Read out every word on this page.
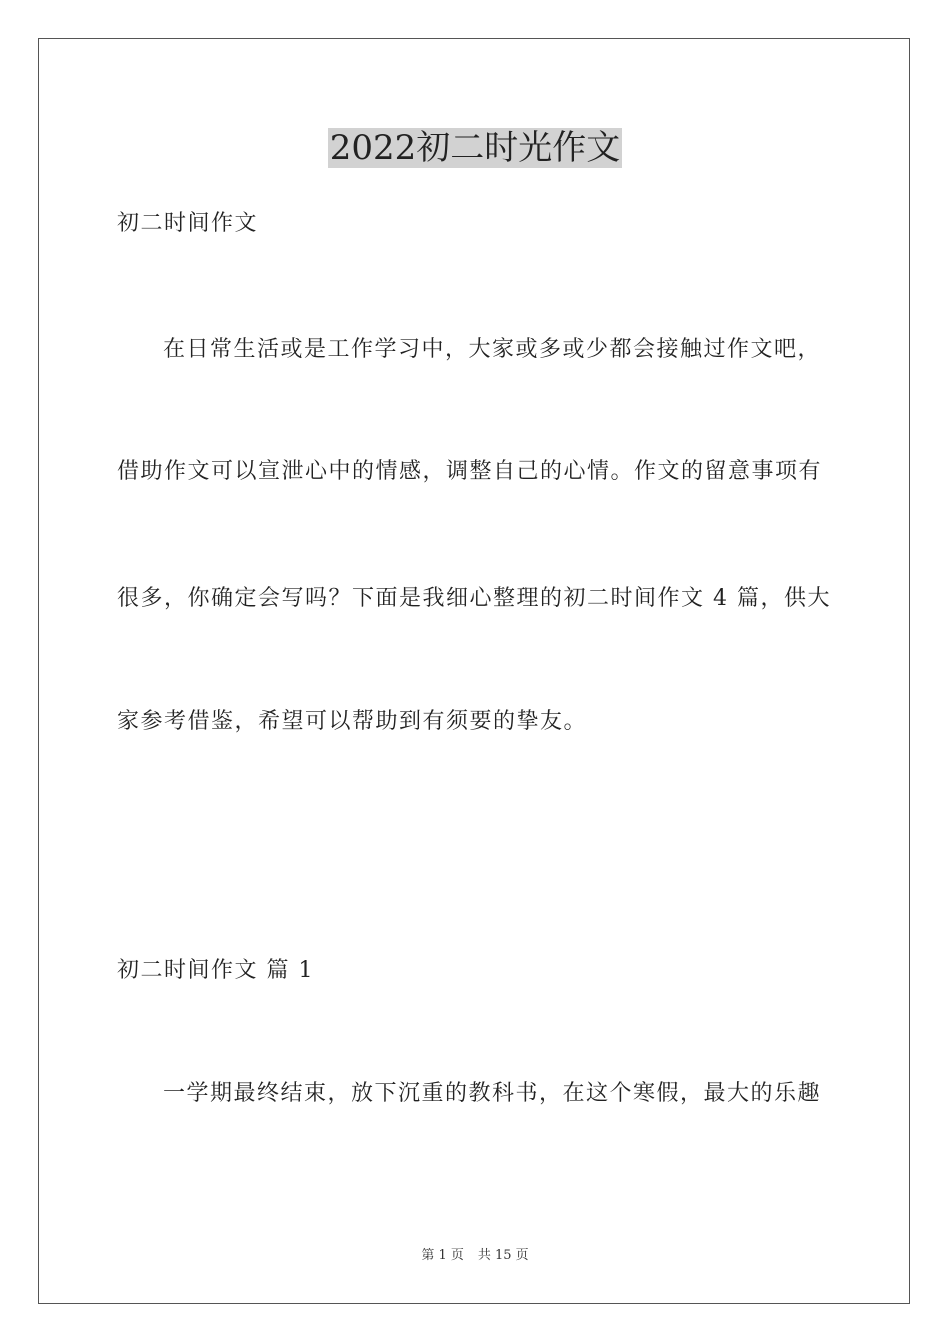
2022初二时光作文
初二时间作文
在日常生活或是工作学习中，大家或多或少都会接触过作文吧，
借助作文可以宣泄心中的情感，调整自己的心情。作文的留意事项有
很多，你确定会写吗？下面是我细心整理的初二时间作文 4 篇，供大
家参考借鉴，希望可以帮助到有须要的挚友。
初二时间作文 篇 1
一学期最终结束，放下沉重的教科书，在这个寒假，最大的乐趣
第 1 页 共 15 页
